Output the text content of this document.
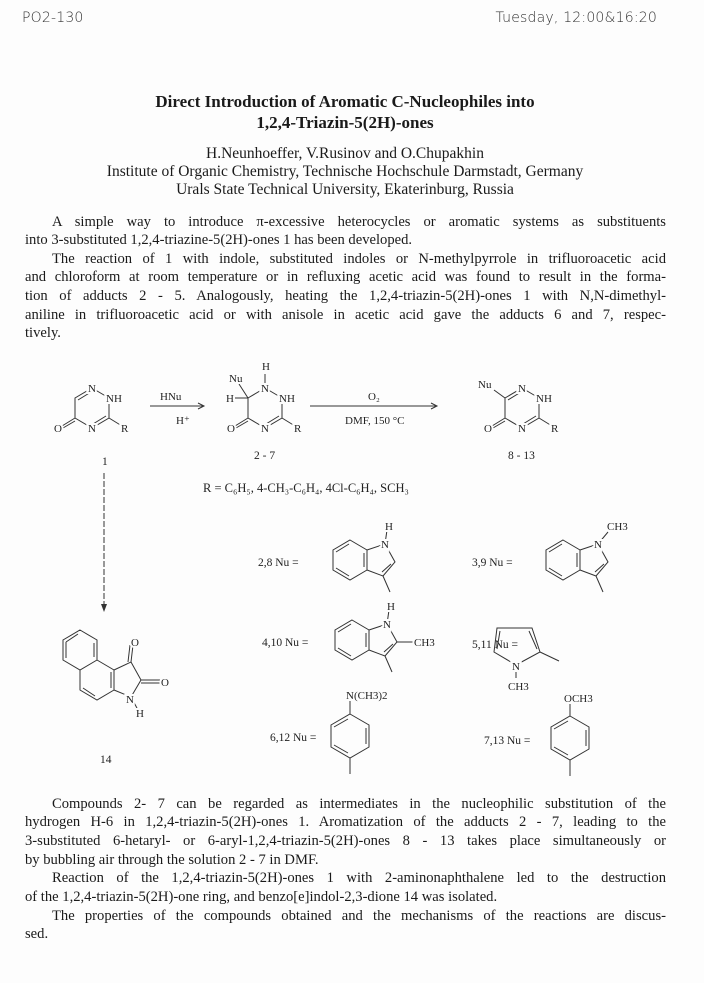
PO2-130	Tuesday, 12:00&16:20
Direct Introduction of Aromatic C-Nucleophiles into
1,2,4-Triazin-5(2H)-ones
H.Neunhoeffer, V.Rusinov and O.Chupakhin
Institute of Organic Chemistry, Technische Hochschule Darmstadt, Germany
Urals State Technical University, Ekaterinburg, Russia
A simple way to introduce π-excessive heterocycles or aromatic systems as substituents
into 3-substituted 1,2,4-triazine-5(2H)-ones 1 has been developed.
The reaction of 1 with indole, substituted indoles or N-methylpyrrole in trifluoroacetic acid
and chloroform at room temperature or in refluxing acetic acid was found to result in the forma-
tion of adducts 2 - 5. Analogously, heating the 1,2,4-triazin-5(2H)-ones 1 with N,N-dimethyl-
aniline in trifluoroacetic acid or with anisole in acetic acid gave the adducts 6 and 7, respec-
tively.
Compounds 2- 7 can be regarded as intermediates in the nucleophilic substitution of the
hydrogen H-6 in 1,2,4-triazin-5(2H)-ones 1. Aromatization of the adducts 2 - 7, leading to the
3-substituted 6-hetaryl- or 6-aryl-1,2,4-triazin-5(2H)-ones 8 - 13 takes place simultaneously or
by bubbling air through the solution 2 - 7 in DMF.
Reaction of the 1,2,4-triazin-5(2H)-ones 1 with 2-aminonaphthalene led to the destruction
of the 1,2,4-triazin-5(2H)-one ring, and benzo[e]indol-2,3-dione 14 was isolated.
The properties of the compounds obtained and the mechanisms of the reactions are discus-
sed.
N
NH
N
O	R
1
HNu
H⁺
H
N
NH
N
O	R
Nu
H
2 - 7
O₂
DMF, 150 °C
N
NH
N
O	R
Nu
8 - 13
R = C₆H₅, 4-CH₃-C₆H₄, 4Cl-C₆H₄, SCH₃
O
O
N
H
14
2,8 Nu =
N
H
3,9 Nu =
N
CH3
4,10 Nu =
N
H
CH3	5,11 Nu =
N
CH3
6,12 Nu =
N(CH3)2
7,13 Nu =
OCH3
